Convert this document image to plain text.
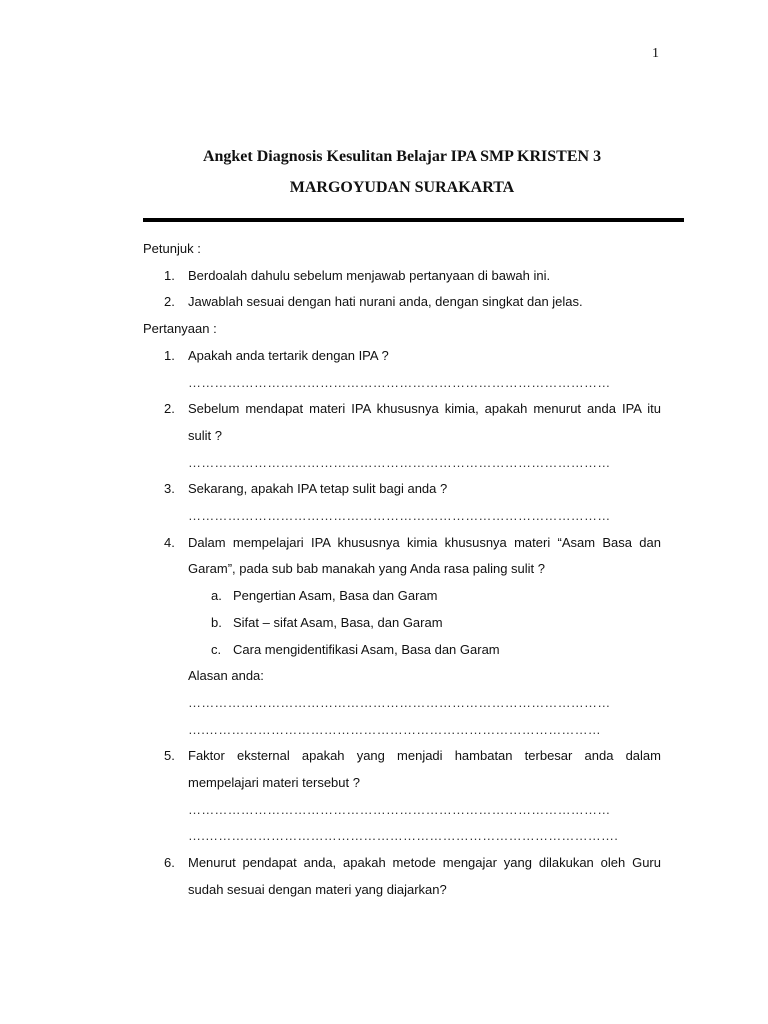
1
Angket Diagnosis Kesulitan Belajar IPA SMP KRISTEN 3
MARGOYUDAN SURAKARTA

Petunjuk :

1. Berdoalah dahulu sebelum menjawab pertanyaan di bawah ini.
2. Jawablah sesuai dengan hati nurani anda, dengan singkat dan jelas.

Pertanyaan :

1. Apakah anda tertarik dengan IPA ?
……………………………………………………………………………………
2. Sebelum mendapat materi IPA khususnya kimia, apakah menurut anda IPA itu sulit ?
……………………………………………………………………………………
3. Sekarang, apakah IPA tetap sulit bagi anda ?
……………………………………………………………………………………
4. Dalam mempelajari IPA khususnya kimia khususnya materi “Asam Basa dan Garam”, pada sub bab manakah yang Anda rasa paling sulit ?
a. Pengertian Asam, Basa dan Garam
b. Sifat – sifat Asam, Basa, dan Garam
c. Cara mengidentifikasi Asam, Basa dan Garam
Alasan anda:
……………………………………………………………………………………
….………………………………………………………………………………
5. Faktor eksternal apakah yang menjadi hambatan terbesar anda dalam mempelajari materi tersebut ?
……………………………………………………………………………………
….………………………………………………………………………………….
6. Menurut pendapat anda, apakah metode mengajar yang dilakukan oleh Guru sudah sesuai dengan materi yang diajarkan?
